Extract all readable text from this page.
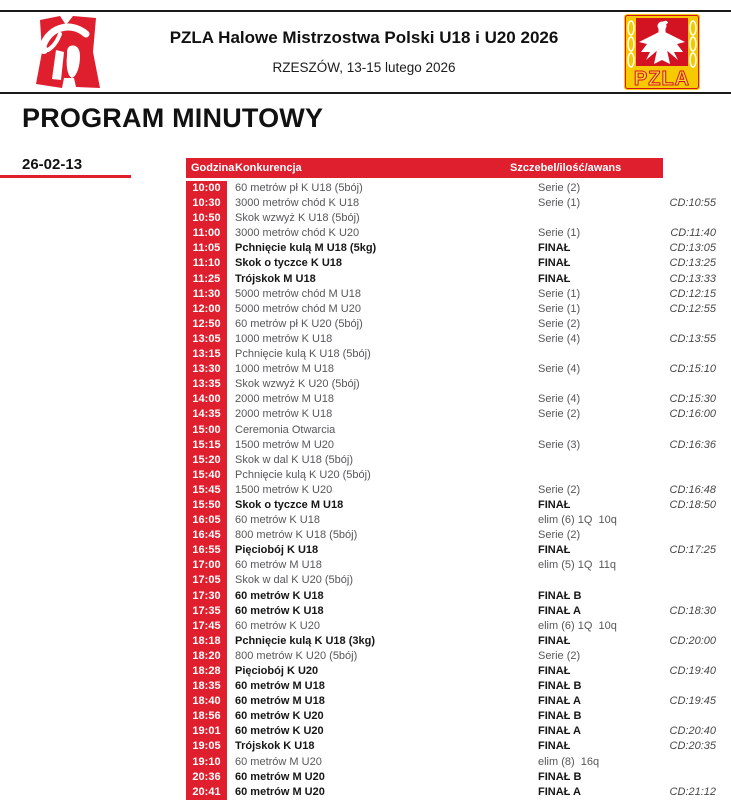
PZLA Halowe Mistrzostwa Polski U18 i U20 2026
RZESZÓW, 13-15 lutego 2026
PZLA
PROGRAM MINUTOWY
26-02-13	Godzina Konkurencja	Szczebel/ilość/awans
10:00	60 metrów pł K U18 (5bój)	Serie (2)
10:30	3000 metrów chód K U18	Serie (1)	CD:10:55
10:50	Skok wzwyż K U18 (5bój)
11:00	3000 metrów chód K U20	Serie (1)	CD:11:40
11:05	Pchnięcie kulą M U18 (5kg)	FINAŁ	CD:13:05
11:10	Skok o tyczce K U18	FINAŁ	CD:13:25
11:25	Trójskok M U18	FINAŁ	CD:13:33
11:30	5000 metrów chód M U18	Serie (1)	CD:12:15
12:00	5000 metrów chód M U20	Serie (1)	CD:12:55
12:50	60 metrów pł K U20 (5bój)	Serie (2)
13:05	1000 metrów K U18	Serie (4)	CD:13:55
13:15	Pchnięcie kulą K U18 (5bój)
13:30	1000 metrów M U18	Serie (4)	CD:15:10
13:35	Skok wzwyż K U20 (5bój)
14:00	2000 metrów M U18	Serie (4)	CD:15:30
14:35	2000 metrów K U18	Serie (2)	CD:16:00
15:00	Ceremonia Otwarcia
15:15	1500 metrów M U20	Serie (3)	CD:16:36
15:20	Skok w dal K U18 (5bój)
15:40	Pchnięcie kulą K U20 (5bój)
15:45	1500 metrów K U20	Serie (2)	CD:16:48
15:50	Skok o tyczce M U18	FINAŁ	CD:18:50
16:05	60 metrów K U18	elim (6) 1Q  10q
16:45	800 metrów K U18 (5bój)	Serie (2)
16:55	Pięciobój K U18	FINAŁ	CD:17:25
17:00	60 metrów M U18	elim (5) 1Q  11q
17:05	Skok w dal K U20 (5bój)
17:30	60 metrów K U18	FINAŁ B
17:35	60 metrów K U18	FINAŁ A	CD:18:30
17:45	60 metrów K U20	elim (6) 1Q  10q
18:18	Pchnięcie kulą K U18 (3kg)	FINAŁ	CD:20:00
18:20	800 metrów K U20 (5bój)	Serie (2)
18:28	Pięciobój K U20	FINAŁ	CD:19:40
18:35	60 metrów M U18	FINAŁ B
18:40	60 metrów M U18	FINAŁ A	CD:19:45
18:56	60 metrów K U20	FINAŁ B
19:01	60 metrów K U20	FINAŁ A	CD:20:40
19:05	Trójskok K U18	FINAŁ	CD:20:35
19:10	60 metrów M U20	elim (8)  16q
20:36	60 metrów M U20	FINAŁ B
20:41	60 metrów M U20	FINAŁ A	CD:21:12
